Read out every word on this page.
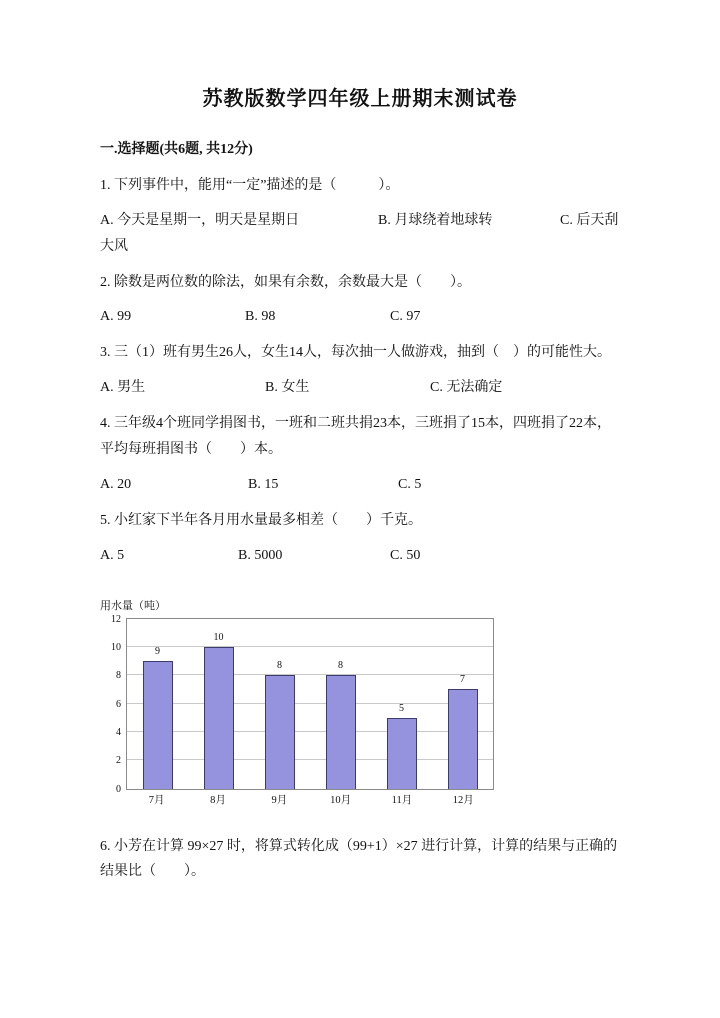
苏教版数学四年级上册期末测试卷
一.选择题(共6题, 共12分)

1. 下列事件中，能用“一定”描述的是（　　　）。

A. 今天是星期一，明天是星期日	B. 月球绕着地球转	C. 后天刮大风

2. 除数是两位数的除法，如果有余数，余数最大是（　　）。

A. 99	B. 98	C. 97

3. 三（1）班有男生26人，女生14人，每次抽一人做游戏，抽到（　）的可能性大。

A. 男生	B. 女生	C. 无法确定

4. 三年级4个班同学捐图书，一班和二班共捐23本，三班捐了15本，四班捐了22本，平均每班捐图书（　　）本。

A. 20	B. 15	C. 5

5. 小红家下半年各月用水量最多相差（　　）千克。

A. 5	B. 5000	C. 50

用水量（吨）
0
2
4
6
8
10
12
9
10
8	8
5
7
7月	8月	9月	10月	11月	12月

6. 小芳在计算 99×27 时，将算式转化成（99+1）×27 进行计算，计算的结果与正确的结果比（　　）。
